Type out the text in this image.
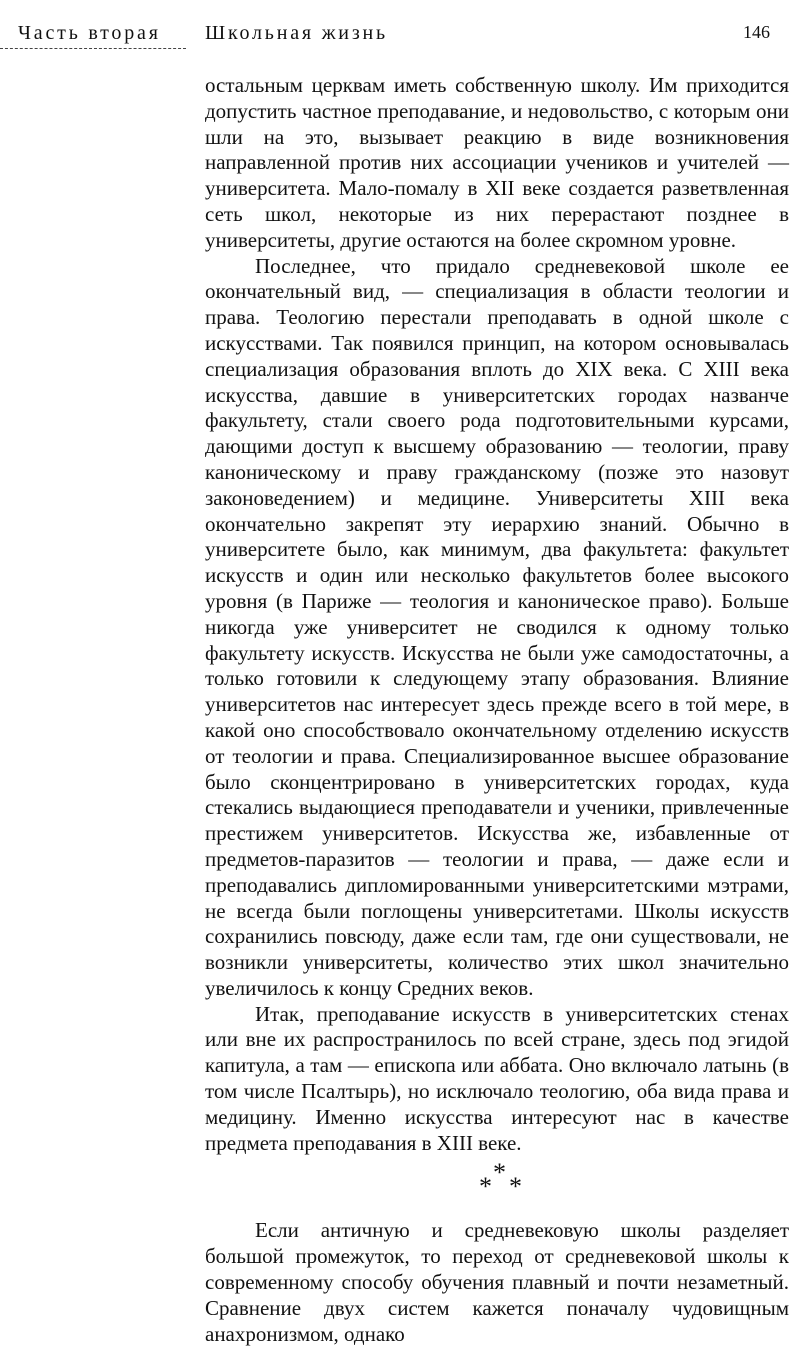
Часть вторая Школьная жизнь	146

остальным церквам иметь собственную школу. Им приходится допустить частное преподавание, и недовольство, с которым они шли на это, вызывает реакцию в виде возникновения направленной против них ассоциации учеников и учителей — университета. Мало-помалу в XII веке создается разветвленная сеть школ, некоторые из них перерастают позднее в университеты, другие остаются на более скромном уровне.

Последнее, что придало средневековой школе ее окончательный вид, — специализация в области теологии и права. Теологию перестали преподавать в одной школе с искусствами. Так появился принцип, на котором основывалась специализация образования вплоть до XIX века. С XIII века искусства, давшие в университетских городах названче факультету, стали своего рода подготовительными курсами, дающими доступ к высшему образованию — теологии, праву каноническому и праву гражданскому (позже это назовут законоведением) и медицине. Университеты XIII века окончательно закрепят эту иерархию знаний. Обычно в университете было, как минимум, два факультета: факультет искусств и один или несколько факультетов более высокого уровня (в Париже — теология и каноническое право). Больше никогда уже университет не сводился к одному только факультету искусств. Искусства не были уже самодостаточны, а только готовили к следующему этапу образования. Влияние университетов нас интересует здесь прежде всего в той мере, в какой оно способствовало окончательному отделению искусств от теологии и права. Специализированное высшее образование было сконцентрировано в университетских городах, куда стекались выдающиеся преподаватели и ученики, привлеченные престижем университетов. Искусства же, избавленные от предметов-паразитов — теологии и права, — даже если и преподавались дипломированными университетскими мэтрами, не всегда были поглощены университетами. Школы искусств сохранились повсюду, даже если там, где они существовали, не возникли университеты, количество этих школ значительно увеличилось к концу Средних веков.

Итак, преподавание искусств в университетских стенах или вне их распространилось по всей стране, здесь под эгидой капитула, а там — епископа или аббата. Оно включало латынь (в том числе Псалтырь), но исключало теологию, оба вида права и медицину. Именно искусства интересуют нас в качестве предмета преподавания в XIII веке.

*
* *

Если античную и средневековую школы разделяет большой промежуток, то переход от средневековой школы к современному способу обучения плавный и почти незаметный. Сравнение двух систем кажется поначалу чудовищным анахронизмом, однако
